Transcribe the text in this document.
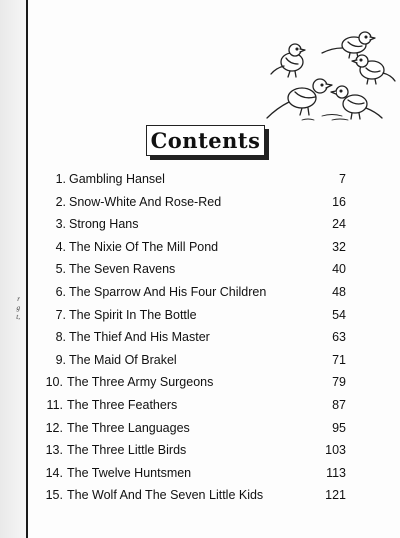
r
g
t,
Contents
1. Gambling Hansel	7
2. Snow-White And Rose-Red	16
3. Strong Hans	24
4. The Nixie Of The Mill Pond	32
5. The Seven Ravens	40
6. The Sparrow And His Four Children	48
7. The Spirit In The Bottle	54
8. The Thief And His Master	63
9. The Maid Of Brakel	71
10. The Three Army Surgeons	79
11. The Three Feathers	87
12. The Three Languages	95
13. The Three Little Birds	103
14. The Twelve Huntsmen	113
15. The Wolf And The Seven Little Kids	121
